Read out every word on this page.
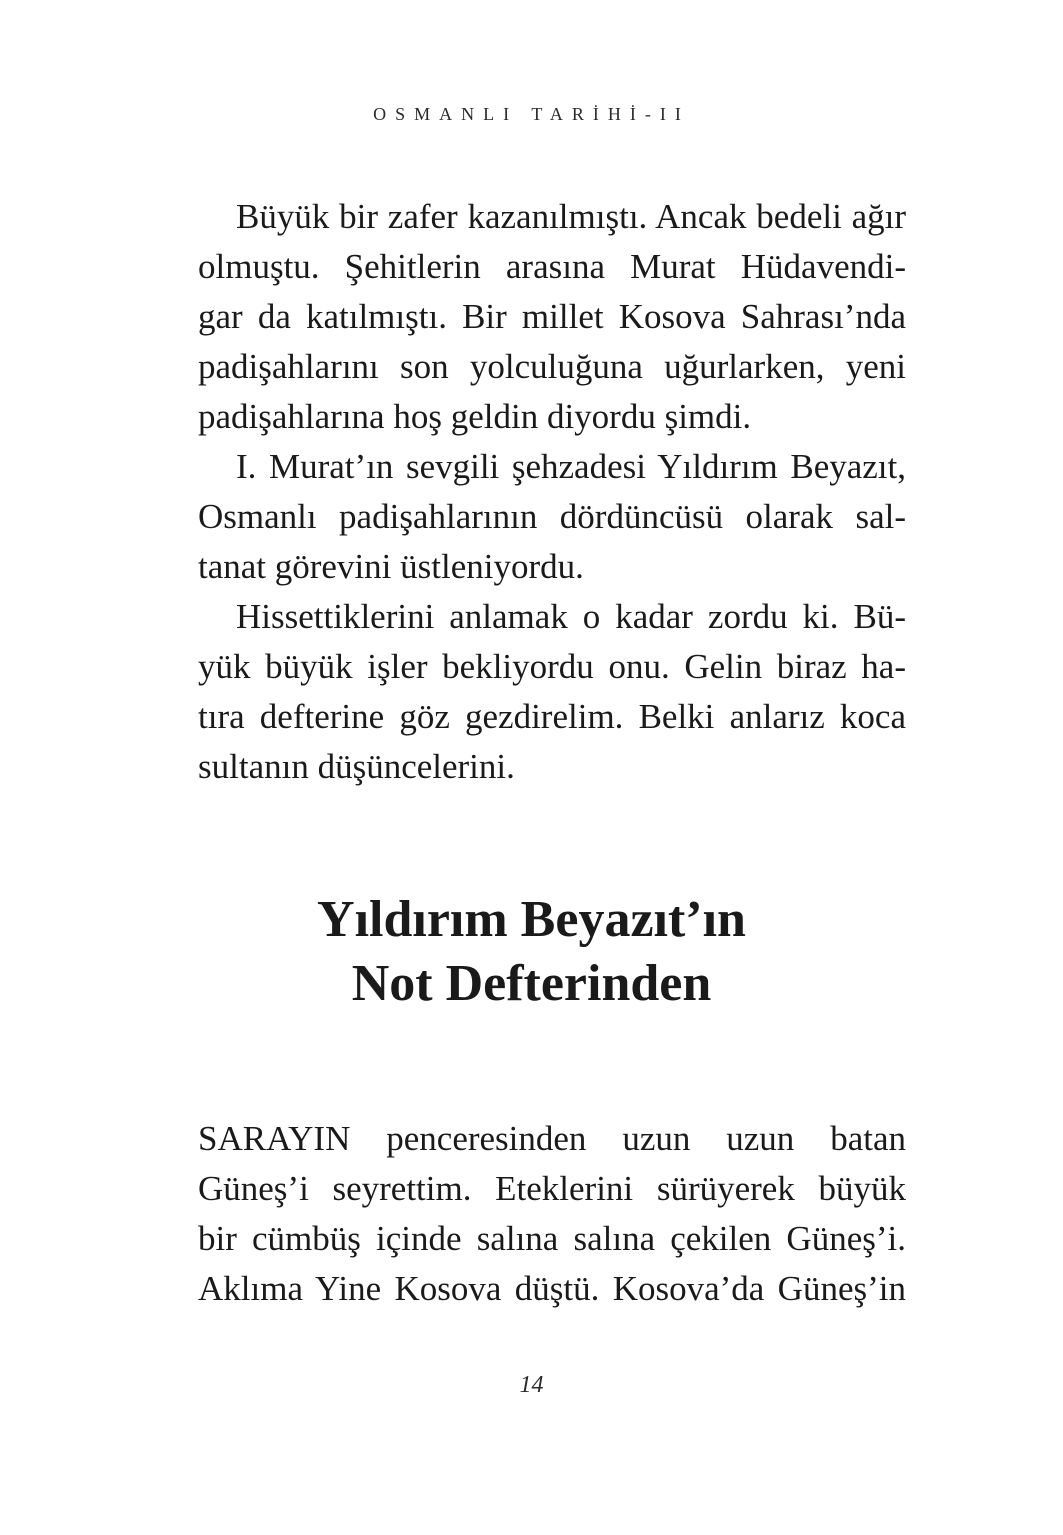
OSMANLI TARİHİ-II
Büyük bir zafer kazanılmıştı. Ancak bedeli ağır
olmuştu. Şehitlerin arasına Murat Hüdavendi-
gar da katılmıştı. Bir millet Kosova Sahrası’nda
padişahlarını son yolculuğuna uğurlarken, yeni
padişahlarına hoş geldin diyordu şimdi.
I. Murat’ın sevgili şehzadesi Yıldırım Beyazıt,
Osmanlı padişahlarının dördüncüsü olarak sal-
tanat görevini üstleniyordu.
Hissettiklerini anlamak o kadar zordu ki. Bü-
yük büyük işler bekliyordu onu. Gelin biraz ha-
tıra defterine göz gezdirelim. Belki anlarız koca
sultanın düşüncelerini.
Yıldırım Beyazıt’ın
Not Defterinden
SARAYIN penceresinden uzun uzun batan
Güneş’i seyrettim. Eteklerini sürüyerek büyük
bir cümbüş içinde salına salına çekilen Güneş’i.
Aklıma Yine Kosova düştü. Kosova’da Güneş’in
14
